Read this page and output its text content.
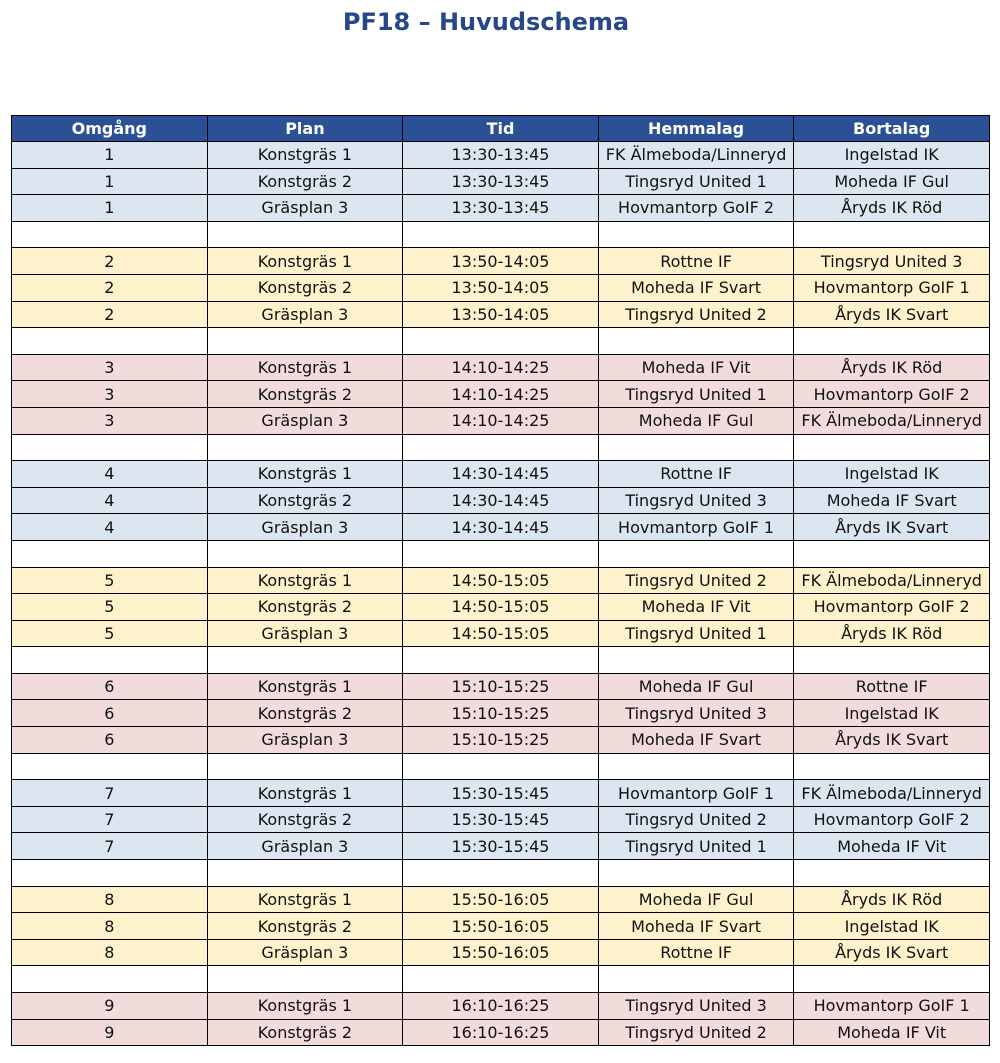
PF18 – Huvudschema
Omgång	Plan	Tid	Hemmalag	Bortalag
1	Konstgräs 1	13:30-13:45	FK Älmeboda/Linneryd	Ingelstad IK
1	Konstgräs 2	13:30-13:45	Tingsryd United 1	Moheda IF Gul
1	Gräsplan 3	13:30-13:45	Hovmantorp GoIF 2	Åryds IK Röd

2	Konstgräs 1	13:50-14:05	Rottne IF	Tingsryd United 3
2	Konstgräs 2	13:50-14:05	Moheda IF Svart	Hovmantorp GoIF 1
2	Gräsplan 3	13:50-14:05	Tingsryd United 2	Åryds IK Svart

3	Konstgräs 1	14:10-14:25	Moheda IF Vit	Åryds IK Röd
3	Konstgräs 2	14:10-14:25	Tingsryd United 1	Hovmantorp GoIF 2
3	Gräsplan 3	14:10-14:25	Moheda IF Gul	FK Älmeboda/Linneryd

4	Konstgräs 1	14:30-14:45	Rottne IF	Ingelstad IK
4	Konstgräs 2	14:30-14:45	Tingsryd United 3	Moheda IF Svart
4	Gräsplan 3	14:30-14:45	Hovmantorp GoIF 1	Åryds IK Svart

5	Konstgräs 1	14:50-15:05	Tingsryd United 2	FK Älmeboda/Linneryd
5	Konstgräs 2	14:50-15:05	Moheda IF Vit	Hovmantorp GoIF 2
5	Gräsplan 3	14:50-15:05	Tingsryd United 1	Åryds IK Röd

6	Konstgräs 1	15:10-15:25	Moheda IF Gul	Rottne IF
6	Konstgräs 2	15:10-15:25	Tingsryd United 3	Ingelstad IK
6	Gräsplan 3	15:10-15:25	Moheda IF Svart	Åryds IK Svart

7	Konstgräs 1	15:30-15:45	Hovmantorp GoIF 1	FK Älmeboda/Linneryd
7	Konstgräs 2	15:30-15:45	Tingsryd United 2	Hovmantorp GoIF 2
7	Gräsplan 3	15:30-15:45	Tingsryd United 1	Moheda IF Vit

8	Konstgräs 1	15:50-16:05	Moheda IF Gul	Åryds IK Röd
8	Konstgräs 2	15:50-16:05	Moheda IF Svart	Ingelstad IK
8	Gräsplan 3	15:50-16:05	Rottne IF	Åryds IK Svart

9	Konstgräs 1	16:10-16:25	Tingsryd United 3	Hovmantorp GoIF 1
9	Konstgräs 2	16:10-16:25	Tingsryd United 2	Moheda IF Vit
